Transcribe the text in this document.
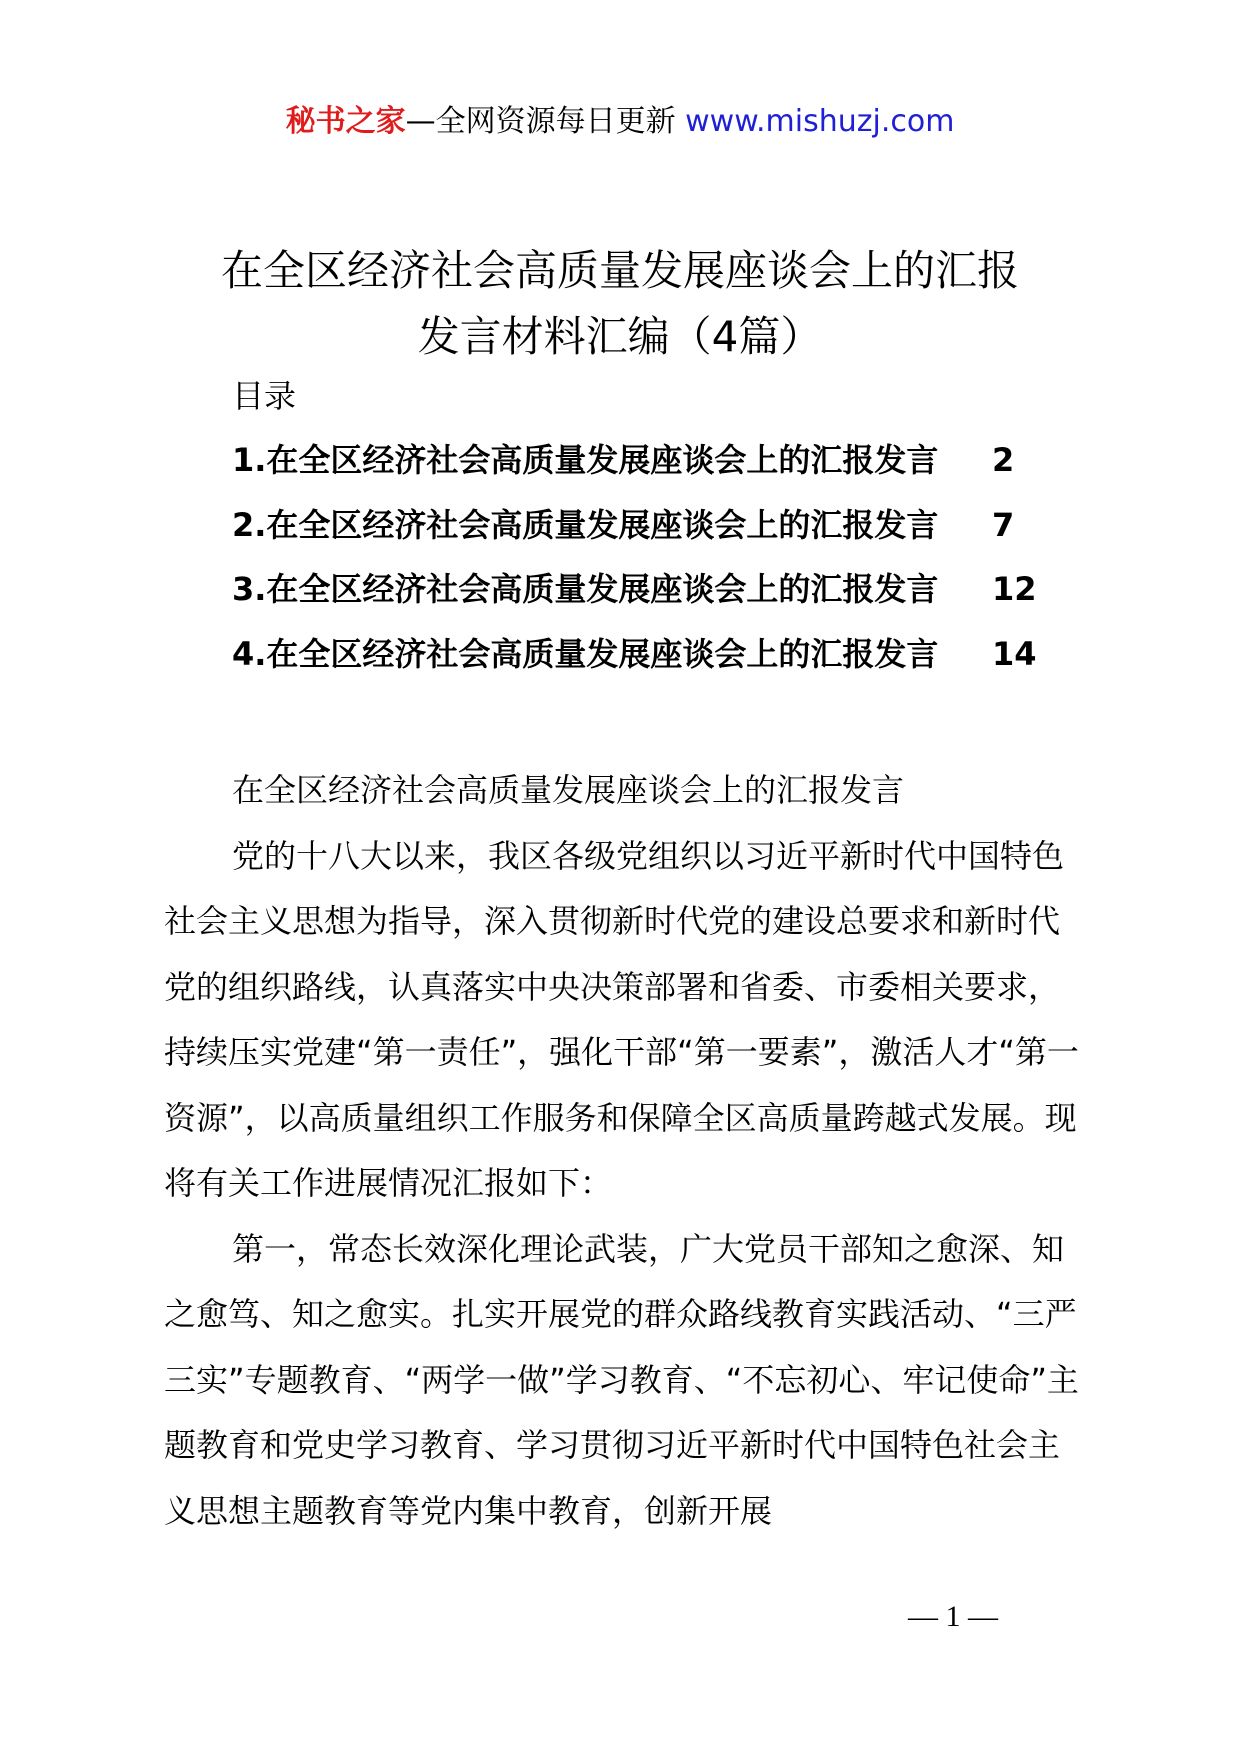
秘书之家—全网资源每日更新 www.mishuzj.com
在全区经济社会高质量发展座谈会上的汇报
发言材料汇编（4篇）
目录
1.在全区经济社会高质量发展座谈会上的汇报发言 2
2.在全区经济社会高质量发展座谈会上的汇报发言 7
3.在全区经济社会高质量发展座谈会上的汇报发言 12
4.在全区经济社会高质量发展座谈会上的汇报发言 14

在全区经济社会高质量发展座谈会上的汇报发言

党的十八大以来，我区各级党组织以习近平新时代中国特色社会主义思想为指导，深入贯彻新时代党的建设总要求和新时代党的组织路线，认真落实中央决策部署和省委、市委相关要求，持续压实党建“第一责任”，强化干部“第一要素”，激活人才“第一资源”，以高质量组织工作服务和保障全区高质量跨越式发展。现将有关工作进展情况汇报如下：

第一，常态长效深化理论武装，广大党员干部知之愈深、知之愈笃、知之愈实。扎实开展党的群众路线教育实践活动、“三严三实”专题教育、“两学一做”学习教育、“不忘初心、牢记使命”主题教育和党史学习教育、学习贯彻习近平新时代中国特色社会主义思想主题教育等党内集中教育，创新开展

— 1 —
